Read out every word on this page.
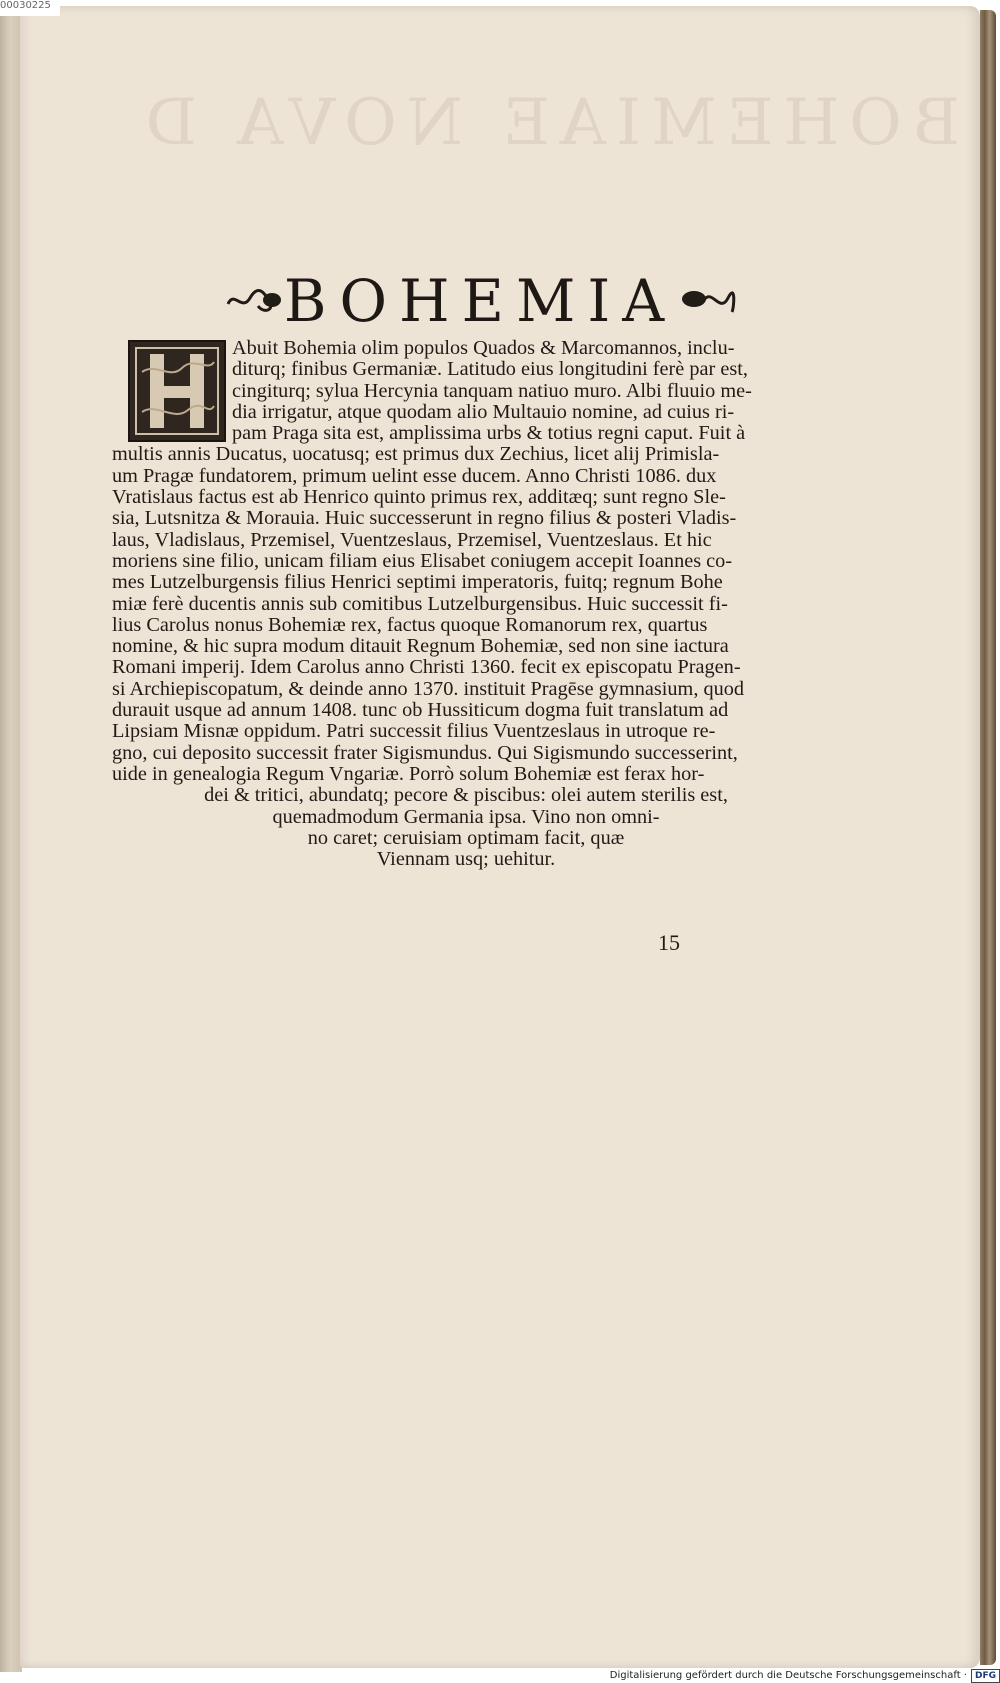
00030225
BOHEMIAE NOVA D
BOHEMIA
Abuit Bohemia olim populos Quados & Marcomannos, inclu-
diturq; finibus Germaniæ. Latitudo eius longitudini ferè par est,
cingiturq; sylua Hercynia tanquam natiuo muro. Albi fluuio me-
dia irrigatur, atque quodam alio Multauio nomine, ad cuius ri-
pam Praga sita est, amplissima urbs & totius regni caput. Fuit à
multis annis Ducatus, uocatusq; est primus dux Zechius, licet alij Primisla-
um Pragæ fundatorem, primum uelint esse ducem. Anno Christi 1086. dux
Vratislaus factus est ab Henrico quinto primus rex, additæq; sunt regno Sle-
sia, Lutsnitza & Morauia. Huic successerunt in regno filius & posteri Vladis-
laus, Vladislaus, Przemisel, Vuentzeslaus, Przemisel, Vuentzeslaus. Et hic
moriens sine filio, unicam filiam eius Elisabet coniugem accepit Ioannes co-
mes Lutzelburgensis filius Henrici septimi imperatoris, fuitq; regnum Bohe
miæ ferè ducentis annis sub comitibus Lutzelburgensibus. Huic successit fi-
lius Carolus nonus Bohemiæ rex, factus quoque Romanorum rex, quartus
nomine, & hic supra modum ditauit Regnum Bohemiæ, sed non sine iactura
Romani imperij. Idem Carolus anno Christi 1360. fecit ex episcopatu Pragen-
si Archiepiscopatum, & deinde anno 1370. instituit Pragēse gymnasium, quod
durauit usque ad annum 1408. tunc ob Hussiticum dogma fuit translatum ad
Lipsiam Misnæ oppidum. Patri successit filius Vuentzeslaus in utroque re-
gno, cui deposito successit frater Sigismundus. Qui Sigismundo successerint,
uide in genealogia Regum Vngariæ. Porrò solum Bohemiæ est ferax hor-
dei & tritici, abundatq; pecore & piscibus: olei autem sterilis est,
quemadmodum Germania ipsa. Vino non omni-
no caret; ceruisiam optimam facit, quæ
Viennam usq; uehitur.
15
Digitalisierung gefördert durch die Deutsche Forschungsgemeinschaft · DFG
